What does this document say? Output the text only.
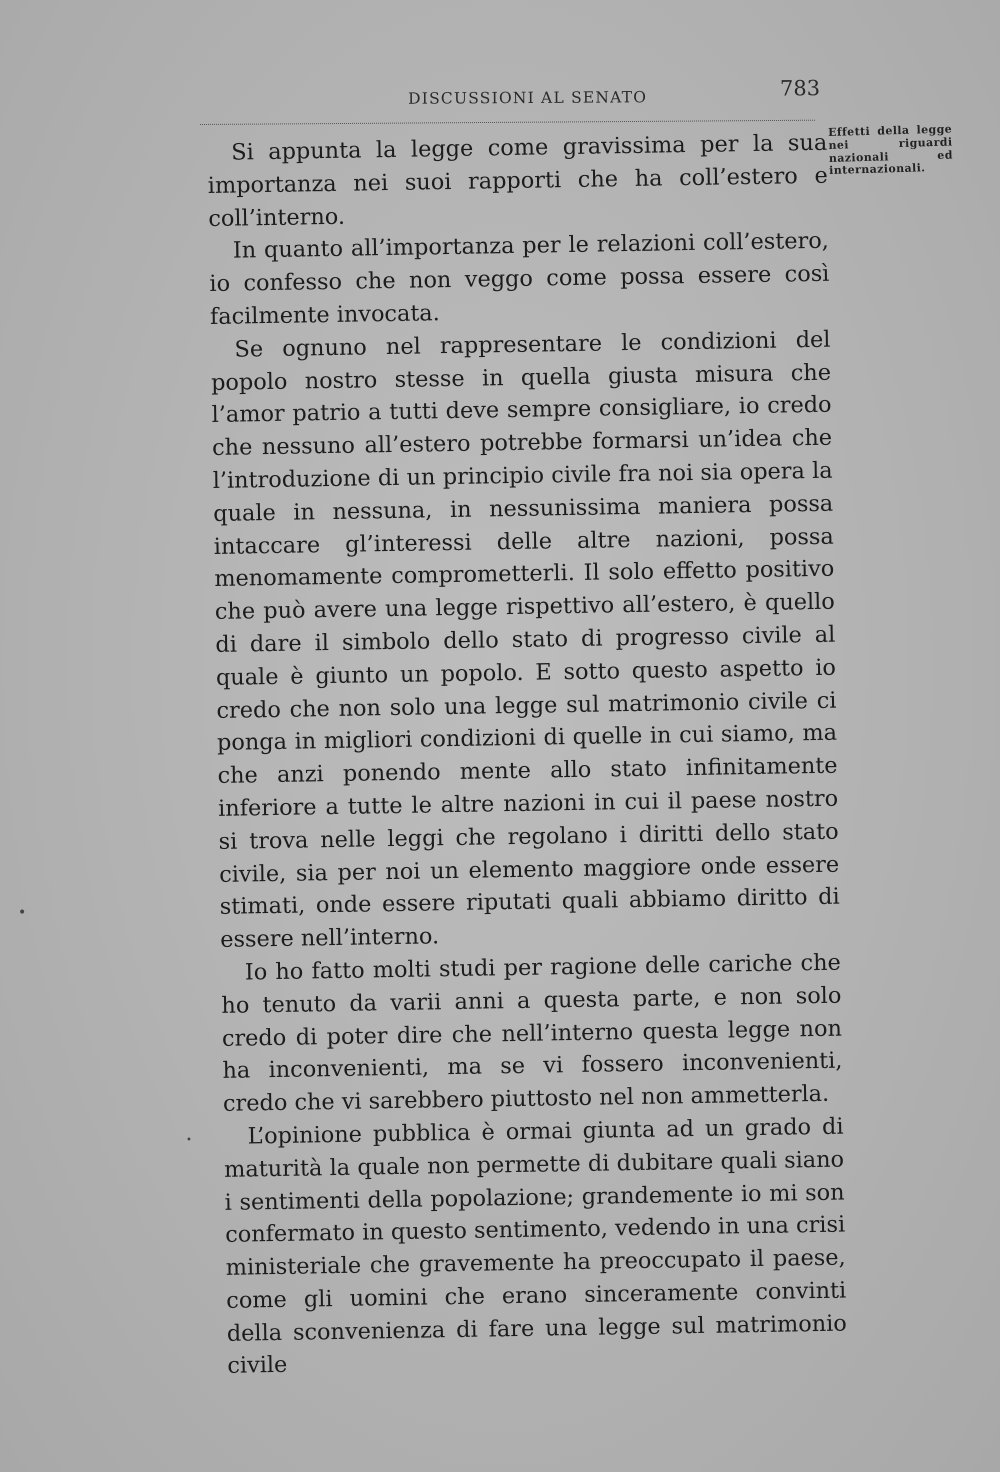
DISCUSSIONI AL SENATO	783
Effetti della legge nei riguardi nazionali ed internazionali.

Si appunta la legge come gravissima per la sua importanza nei suoi rapporti che ha coll’estero e coll’interno.

In quanto all’importanza per le relazioni coll’estero, io confesso che non veggo come possa essere così facilmente invocata.

Se ognuno nel rappresentare le condizioni del popolo nostro stesse in quella giusta misura che l’amor patrio a tutti deve sempre consigliare, io credo che nessuno all’estero potrebbe formarsi un’idea che l’introduzione di un principio civile fra noi sia opera la quale in nessuna, in nessunissima maniera possa intaccare gl’interessi delle altre nazioni, possa menomamente comprometterli. Il solo effetto positivo che può avere una legge rispettivo all’estero, è quello di dare il simbolo dello stato di progresso civile al quale è giunto un popolo. E sotto questo aspetto io credo che non solo una legge sul matrimonio civile ci ponga in migliori condizioni di quelle in cui siamo, ma che anzi ponendo mente allo stato infinitamente inferiore a tutte le altre nazioni in cui il paese nostro si trova nelle leggi che regolano i diritti dello stato civile, sia per noi un elemento maggiore onde essere stimati, onde essere riputati quali abbiamo diritto di essere nell’interno.

Io ho fatto molti studi per ragione delle cariche che ho tenuto da varii anni a questa parte, e non solo credo di poter dire che nell’interno questa legge non ha inconvenienti, ma se vi fossero inconvenienti, credo che vi sarebbero piuttosto nel non ammetterla.

L’opinione pubblica è ormai giunta ad un grado di maturità la quale non permette di dubitare quali siano i sentimenti della popolazione; grandemente io mi son confermato in questo sentimento, vedendo in una crisi ministeriale che gravemente ha preoccupato il paese, come gli uomini che erano sinceramente convinti della sconvenienza di fare una legge sul matrimonio civile

•
•
